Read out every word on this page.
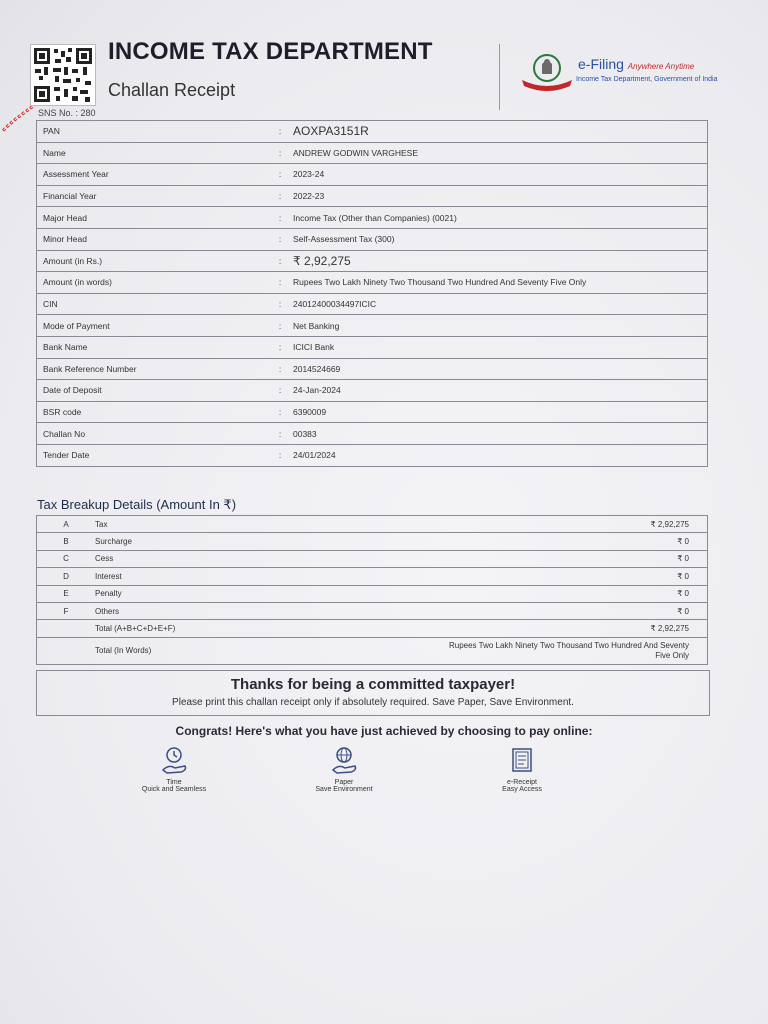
SNS No. : 280
INCOME TAX DEPARTMENT
Challan Receipt
e-Filing Anywhere Anytime
Income Tax Department, Government of India
PAN	:	AOXPA3151R
Name	:	ANDREW GODWIN VARGHESE
Assessment Year	:	2023-24
Financial Year	:	2022-23
Major Head	:	Income Tax (Other than Companies) (0021)
Minor Head	:	Self-Assessment Tax (300)
Amount (in Rs.)	:	₹ 2,92,275
Amount (in words)	:	Rupees Two Lakh Ninety Two Thousand Two Hundred And Seventy Five Only
CIN	:	24012400034497ICIC
Mode of Payment	:	Net Banking
Bank Name	:	ICICI Bank
Bank Reference Number	:	2014524669
Date of Deposit	:	24-Jan-2024
BSR code	:	6390009
Challan No	:	00383
Tender Date	:	24/01/2024
Tax Breakup Details (Amount In ₹)
A	Tax	₹ 2,92,275
B	Surcharge	₹ 0
C	Cess	₹ 0
D	Interest	₹ 0
E	Penalty	₹ 0
F	Others	₹ 0
	Total (A+B+C+D+E+F)	₹ 2,92,275
	Total (In Words)	Rupees Two Lakh Ninety Two Thousand Two Hundred And Seventy
Five Only
Thanks for being a committed taxpayer!
Please print this challan receipt only if absolutely required. Save Paper, Save Environment.
Congrats! Here's what you have just achieved by choosing to pay online:
Time
Quick and Seamless
Paper
Save Environment
e-Receipt
Easy Access
